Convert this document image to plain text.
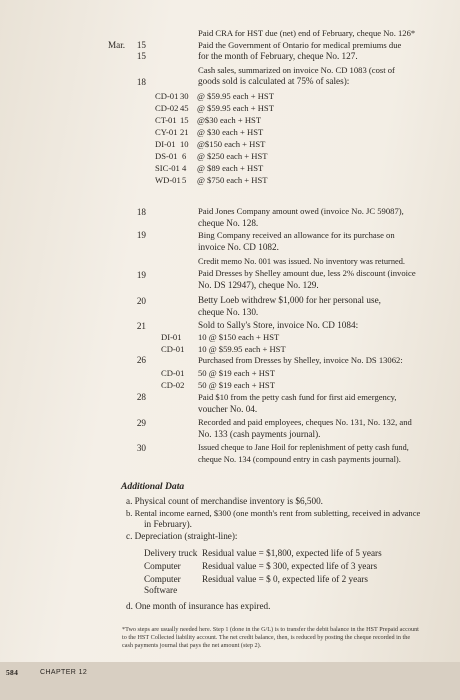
Mar.	15
15
18
18
19
19
20
21
26
28
29
30
Paid CRA for HST due (net) end of February, cheque No. 126*
Paid the Government of Ontario for medical premiums due
for the month of February, cheque No. 127.
Cash sales, summarized on invoice No. CD 1083 (cost of
goods sold is calculated at 75% of sales):
CD-01 30 @ $59.95 each + HST
CD-02 45 @ $59.95 each + HST
CT-01 15 @$30 each + HST
CY-01 21 @ $30 each + HST
DI-01 10 @$150 each + HST
DS-01 6 @ $250 each + HST
SIC-01 4 @ $89 each + HST
WD-01 5 @ $750 each + HST
Paid Jones Company amount owed (invoice No. JC 59087),
cheque No. 128.
Bing Company received an allowance for its purchase on
invoice No. CD 1082.
Credit memo No. 001 was issued. No inventory was returned.
Paid Dresses by Shelley amount due, less 2% discount (invoice
No. DS 12947), cheque No. 129.
Betty Loeb withdrew $1,000 for her personal use,
cheque No. 130.
Sold to Sally's Store, invoice No. CD 1084:
DI-01 10 @ $150 each + HST
CD-01 10 @ $59.95 each + HST
Purchased from Dresses by Shelley, invoice No. DS 13062:
CD-01 50 @ $19 each + HST
CD-02 50 @ $19 each + HST
Paid $10 from the petty cash fund for first aid emergency,
voucher No. 04.
Recorded and paid employees, cheques No. 131, No. 132, and
No. 133 (cash payments journal).
Issued cheque to Jane Hoil for replenishment of petty cash fund,
cheque No. 134 (compound entry in cash payments journal).
Additional Data
a. Physical count of merchandise inventory is $6,500.
b. Rental income earned, $300 (one month's rent from subletting, received in advance
in February).
c. Depreciation (straight-line):
Delivery truck Residual value = $1,800, expected life of 5 years
Computer Residual value = $ 300, expected life of 3 years
Computer Residual value = $ 0, expected life of 2 years
Software
d. One month of insurance has expired.
*Two steps are usually needed here. Step 1 (done in the G/L) is to transfer the debit balance in the HST Prepaid account
to the HST Collected liability account. The net credit balance, then, is reduced by posting the cheque recorded in the
cash payments journal that pays the net amount (step 2).
584	CHAPTER 12
